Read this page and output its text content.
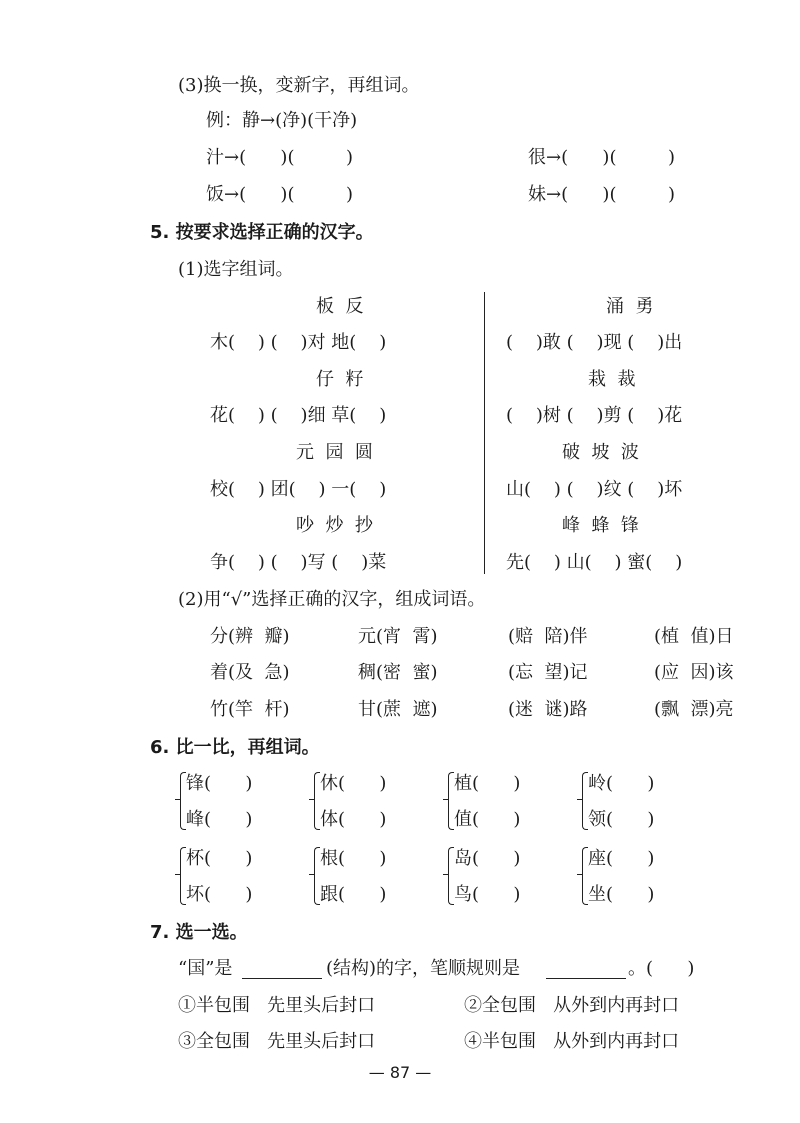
(3)换一换，变新字，再组词。
例：静→(净)(干净)
汁→(      )(         )	很→(      )(         )
饭→(      )(         )	妹→(      )(         )
5. 按要求选择正确的汉字。
(1)选字组词。
板  反
木(    ) (    )对 地(    )
涌  勇
(    )敢 (    )现 (    )出
仔  籽
花(    ) (    )细 草(    )
栽  裁
(    )树 (    )剪 (    )花
元  园  圆
校(    ) 团(    ) 一(    )
破  坡  波
山(    ) (    )纹 (    )坏
吵  炒  抄
争(    ) (    )写 (    )菜
峰  蜂  锋
先(    ) 山(    ) 蜜(    )
(2)用“√”选择正确的汉字，组成词语。
分(辨  瓣)	元(宵  霄)	(赔  陪)伴	(植  值)日
着(及  急)	稠(密  蜜)	(忘  望)记	(应  因)该
竹(竿  杆)	甘(蔗  遮)	(迷  谜)路	(飘  漂)亮
6. 比一比，再组词。
锋(      )
峰(      )
休(      )
体(      )
植(      )
值(      )
岭(      )
领(      )
杯(      )
坏(      )
根(      )
跟(      )
岛(      )
鸟(      )
座(      )
坐(      )
7. 选一选。
“国”是	(结构)的字，笔顺规则是	。(      )
①半包围   先里头后封口	②全包围   从外到内再封口
③全包围   先里头后封口	④半包围   从外到内再封口
— 87 —
